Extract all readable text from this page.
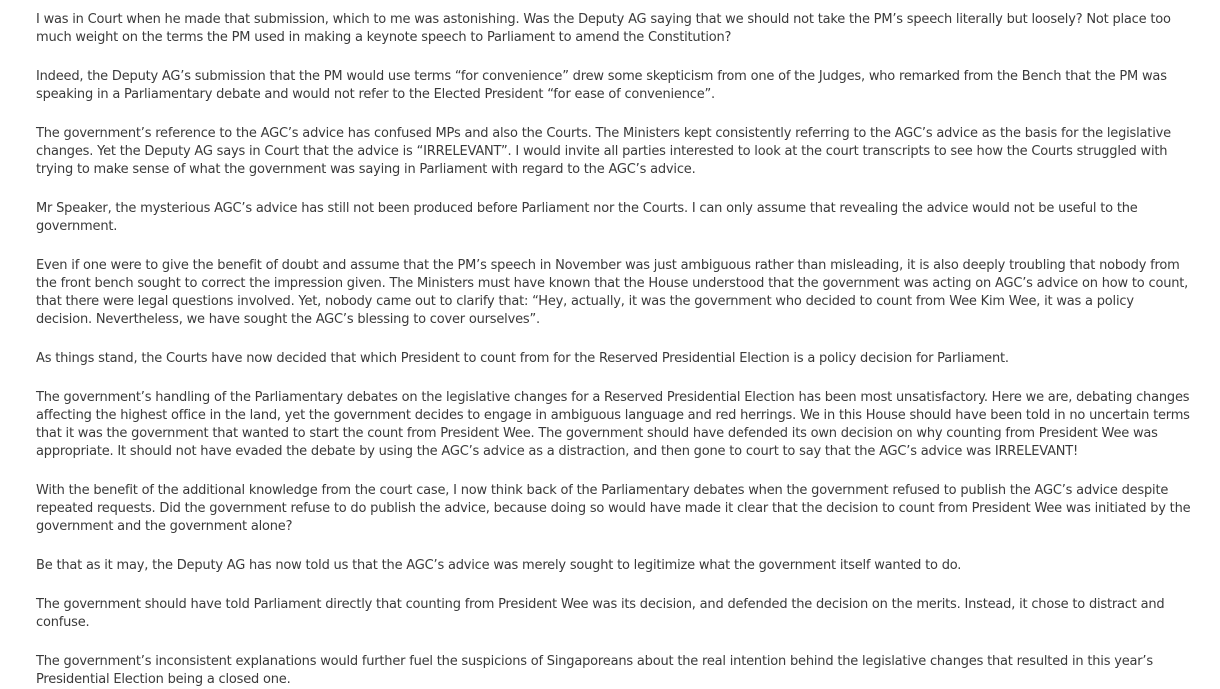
I was in Court when he made that submission, which to me was astonishing. Was the Deputy AG saying that we should not take the PM’s speech literally but loosely? Not place too much weight on the terms the PM used in making a keynote speech to Parliament to amend the Constitution?

Indeed, the Deputy AG’s submission that the PM would use terms “for convenience” drew some skepticism from one of the Judges, who remarked from the Bench that the PM was speaking in a Parliamentary debate and would not refer to the Elected President “for ease of convenience”.

The government’s reference to the AGC’s advice has confused MPs and also the Courts. The Ministers kept consistently referring to the AGC’s advice as the basis for the legislative changes. Yet the Deputy AG says in Court that the advice is “IRRELEVANT”. I would invite all parties interested to look at the court transcripts to see how the Courts struggled with trying to make sense of what the government was saying in Parliament with regard to the AGC’s advice.

Mr Speaker, the mysterious AGC’s advice has still not been produced before Parliament nor the Courts. I can only assume that revealing the advice would not be useful to the government.

Even if one were to give the benefit of doubt and assume that the PM’s speech in November was just ambiguous rather than misleading, it is also deeply troubling that nobody from the front bench sought to correct the impression given. The Ministers must have known that the House understood that the government was acting on AGC’s advice on how to count, that there were legal questions involved. Yet, nobody came out to clarify that: “Hey, actually, it was the government who decided to count from Wee Kim Wee, it was a policy decision. Nevertheless, we have sought the AGC’s blessing to cover ourselves”.

As things stand, the Courts have now decided that which President to count from for the Reserved Presidential Election is a policy decision for Parliament.

The government’s handling of the Parliamentary debates on the legislative changes for a Reserved Presidential Election has been most unsatisfactory. Here we are, debating changes affecting the highest office in the land, yet the government decides to engage in ambiguous language and red herrings. We in this House should have been told in no uncertain terms that it was the government that wanted to start the count from President Wee. The government should have defended its own decision on why counting from President Wee was appropriate. It should not have evaded the debate by using the AGC’s advice as a distraction, and then gone to court to say that the AGC’s advice was IRRELEVANT!

With the benefit of the additional knowledge from the court case, I now think back of the Parliamentary debates when the government refused to publish the AGC’s advice despite repeated requests. Did the government refuse to do publish the advice, because doing so would have made it clear that the decision to count from President Wee was initiated by the government and the government alone?

Be that as it may, the Deputy AG has now told us that the AGC’s advice was merely sought to legitimize what the government itself wanted to do.

The government should have told Parliament directly that counting from President Wee was its decision, and defended the decision on the merits. Instead, it chose to distract and confuse.

The government’s inconsistent explanations would further fuel the suspicions of Singaporeans about the real intention behind the legislative changes that resulted in this year’s Presidential Election being a closed one.
